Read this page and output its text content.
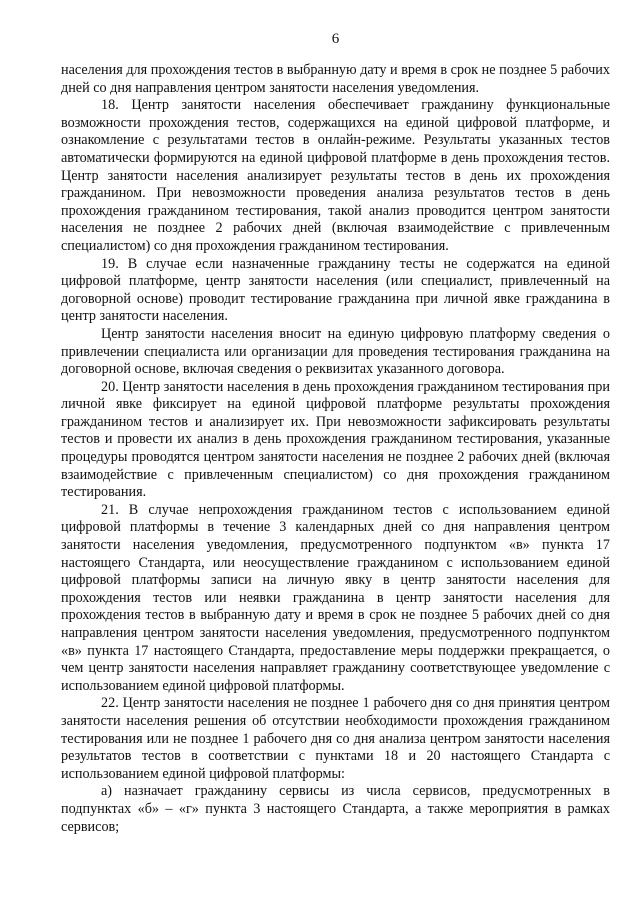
6

населения для прохождения тестов в выбранную дату и время в срок не позднее 5 рабочих дней со дня направления центром занятости населения уведомления.

18. Центр занятости населения обеспечивает гражданину функциональные возможности прохождения тестов, содержащихся на единой цифровой платформе, и ознакомление с результатами тестов в онлайн-режиме. Результаты указанных тестов автоматически формируются на единой цифровой платформе в день прохождения тестов. Центр занятости населения анализирует результаты тестов в день их прохождения гражданином. При невозможности проведения анализа результатов тестов в день прохождения гражданином тестирования, такой анализ проводится центром занятости населения не позднее 2 рабочих дней (включая взаимодействие с привлеченным специалистом) со дня прохождения гражданином тестирования.

19. В случае если назначенные гражданину тесты не содержатся на единой цифровой платформе, центр занятости населения (или специалист, привлеченный на договорной основе) проводит тестирование гражданина при личной явке гражданина в центр занятости населения.

Центр занятости населения вносит на единую цифровую платформу сведения о привлечении специалиста или организации для проведения тестирования гражданина на договорной основе, включая сведения о реквизитах указанного договора.

20. Центр занятости населения в день прохождения гражданином тестирования при личной явке фиксирует на единой цифровой платформе результаты прохождения гражданином тестов и анализирует их. При невозможности зафиксировать результаты тестов и провести их анализ в день прохождения гражданином тестирования, указанные процедуры проводятся центром занятости населения не позднее 2 рабочих дней (включая взаимодействие с привлеченным специалистом) со дня прохождения гражданином тестирования.

21. В случае непрохождения гражданином тестов с использованием единой цифровой платформы в течение 3 календарных дней со дня направления центром занятости населения уведомления, предусмотренного подпунктом «в» пункта 17 настоящего Стандарта, или неосуществление гражданином с использованием единой цифровой платформы записи на личную явку в центр занятости населения для прохождения тестов или неявки гражданина в центр занятости населения для прохождения тестов в выбранную дату и время в срок не позднее 5 рабочих дней со дня направления центром занятости населения уведомления, предусмотренного подпунктом «в» пункта 17 настоящего Стандарта, предоставление меры поддержки прекращается, о чем центр занятости населения направляет гражданину соответствующее уведомление с использованием единой цифровой платформы.

22. Центр занятости населения не позднее 1 рабочего дня со дня принятия центром занятости населения решения об отсутствии необходимости прохождения гражданином тестирования или не позднее 1 рабочего дня со дня анализа центром занятости населения результатов тестов в соответствии с пунктами 18 и 20 настоящего Стандарта с использованием единой цифровой платформы:

а) назначает гражданину сервисы из числа сервисов, предусмотренных в подпунктах «б» – «г» пункта 3 настоящего Стандарта, а также мероприятия в рамках сервисов;
